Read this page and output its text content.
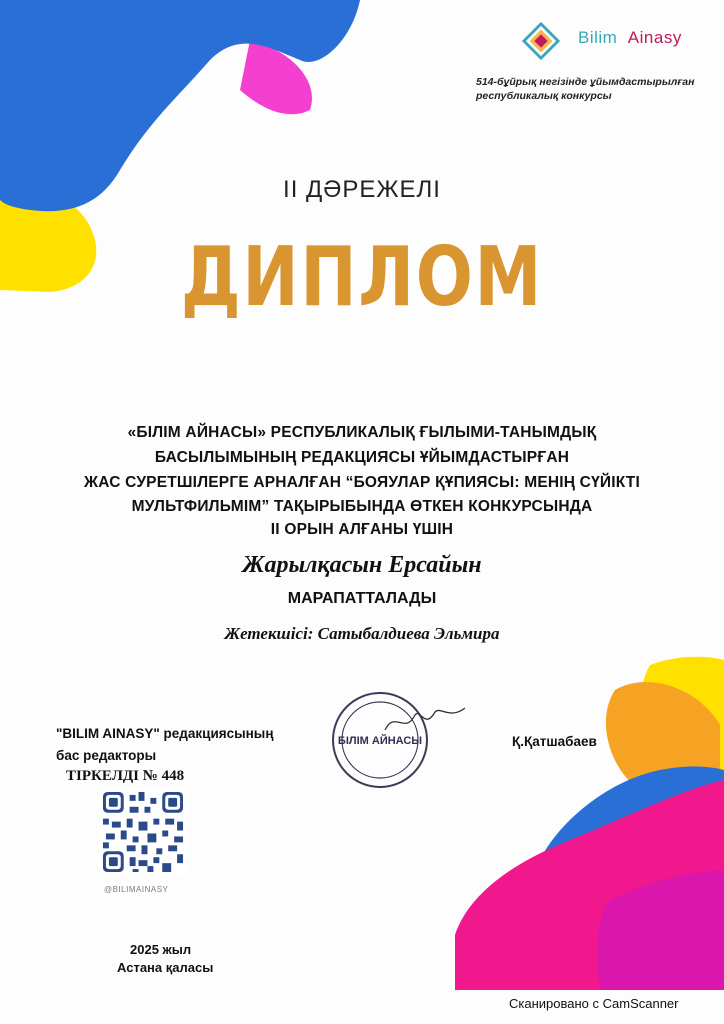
Bilim Ainasy
514-бұйрық негізінде ұйымдастырылған
республикалық конкурсы
II ДӘРЕЖЕЛІ
ДИПЛОМ
«БІЛІМ АЙНАСЫ» РЕСПУБЛИКАЛЫҚ ҒЫЛЫМИ-ТАНЫМДЫҚ
БАСЫЛЫМЫНЫҢ РЕДАКЦИЯСЫ ҰЙЫМДАСТЫРҒАН
ЖАС СУРЕТШІЛЕРГЕ АРНАЛҒАН “БОЯУЛАР ҚҰПИЯСЫ: МЕНІҢ СҮЙІКТІ
МУЛЬТФИЛЬМІМ” ТАҚЫРЫБЫНДА ӨТКЕН КОНКУРСЫНДА
II ОРЫН АЛҒАНЫ ҮШІН
Жарылқасын Ерсайын
МАРАПАТТАЛАДЫ
Жетекшісі: Сатыбалдиева Эльмира
"BILIM AINASY" редакциясының
бас редакторы
ТІРКЕЛДІ № 448
БІЛІМ АЙНАСЫ	Қ.Қатшабаев
@BILIMAINASY
2025 жыл
Астана қаласы
Сканировано с CamScanner
